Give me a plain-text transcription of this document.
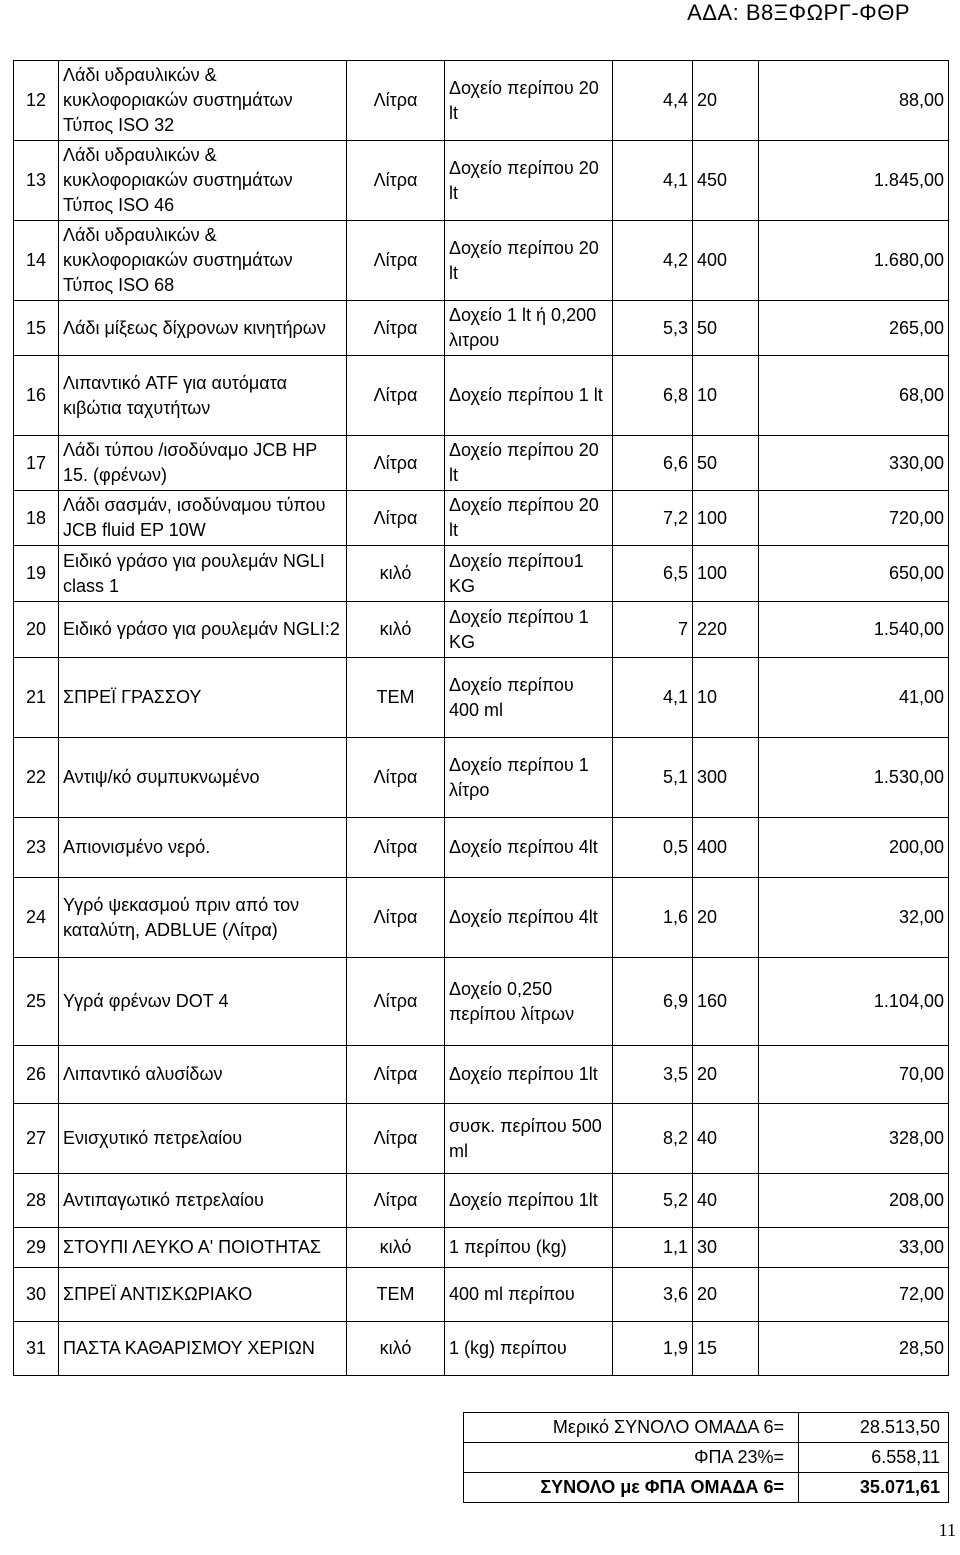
ΑΔΑ: Β8ΞΦΩΡΓ-ΦΘΡ
12	Λάδι υδραυλικών & κυκλοφοριακών συστημάτων Τύπος ISO 32	Λίτρα	Δοχείο περίπου 20 lt	4,4	20	88,00
13	Λάδι υδραυλικών & κυκλοφοριακών συστημάτων Τύπος ISO 46	Λίτρα	Δοχείο περίπου 20 lt	4,1	450	1.845,00
14	Λάδι υδραυλικών & κυκλοφοριακών συστημάτων Τύπος ISO 68	Λίτρα	Δοχείο περίπου 20 lt	4,2	400	1.680,00
15	Λάδι μίξεως δίχρονων κινητήρων	Λίτρα	Δοχείο 1 lt ή 0,200 λιτρου	5,3	50	265,00
16	Λιπαντικό ATF για αυτόματα κιβώτια ταχυτήτων	Λίτρα	Δοχείο περίπου 1 lt	6,8	10	68,00
17	Λάδι τύπου /ισοδύναμο JCB HP 15. (φρένων)	Λίτρα	Δοχείο περίπου 20 lt	6,6	50	330,00
18	Λάδι σασμάν, ισοδύναμου τύπου JCB fluid EP 10W	Λίτρα	Δοχείο περίπου 20 lt	7,2	100	720,00
19	Ειδικό γράσο για ρουλεμάν NGLI class 1	κιλό	Δοχείο περίπου1 KG	6,5	100	650,00
20	Ειδικό γράσο για ρουλεμάν NGLI:2	κιλό	Δοχείο περίπου 1 KG	7	220	1.540,00
21	ΣΠΡΕΪ ΓΡΑΣΣΟΥ	ΤΕΜ	Δοχείο περίπου 400 ml	4,1	10	41,00
22	Αντιψ/κό συμπυκνωμένο	Λίτρα	Δοχείο περίπου 1 λίτρο	5,1	300	1.530,00
23	Απιονισμένο νερό.	Λίτρα	Δοχείο περίπου 4lt	0,5	400	200,00
24	Υγρό ψεκασμού πριν από τον καταλύτη, ADBLUE (Λίτρα)	Λίτρα	Δοχείο περίπου 4lt	1,6	20	32,00
25	Υγρά φρένων DOT 4	Λίτρα	Δοχείο 0,250 περίπου λίτρων	6,9	160	1.104,00
26	Λιπαντικό αλυσίδων	Λίτρα	Δοχείο περίπου 1lt	3,5	20	70,00
27	Ενισχυτικό πετρελαίου	Λίτρα	συσκ. περίπου 500 ml	8,2	40	328,00
28	Αντιπαγωτικό πετρελαίου	Λίτρα	Δοχείο περίπου 1lt	5,2	40	208,00
29	ΣΤΟΥΠΙ ΛΕΥΚΟ Α' ΠΟΙΟΤΗΤΑΣ	κιλό	1 περίπου (kg)	1,1	30	33,00
30	ΣΠΡΕΪ ΑΝΤΙΣΚΩΡΙΑΚΟ	ΤΕΜ	400 ml περίπου	3,6	20	72,00
31	ΠΑΣΤΑ ΚΑΘΑΡΙΣΜΟΥ ΧΕΡΙΩΝ	κιλό	1 (kg) περίπου	1,9	15	28,50
Μερικό ΣΥΝΟΛΟ ΟΜΑΔΑ 6=	28.513,50
ΦΠΑ 23%=	6.558,11
ΣΥΝΟΛΟ με ΦΠΑ ΟΜΑΔΑ 6=	35.071,61
11
